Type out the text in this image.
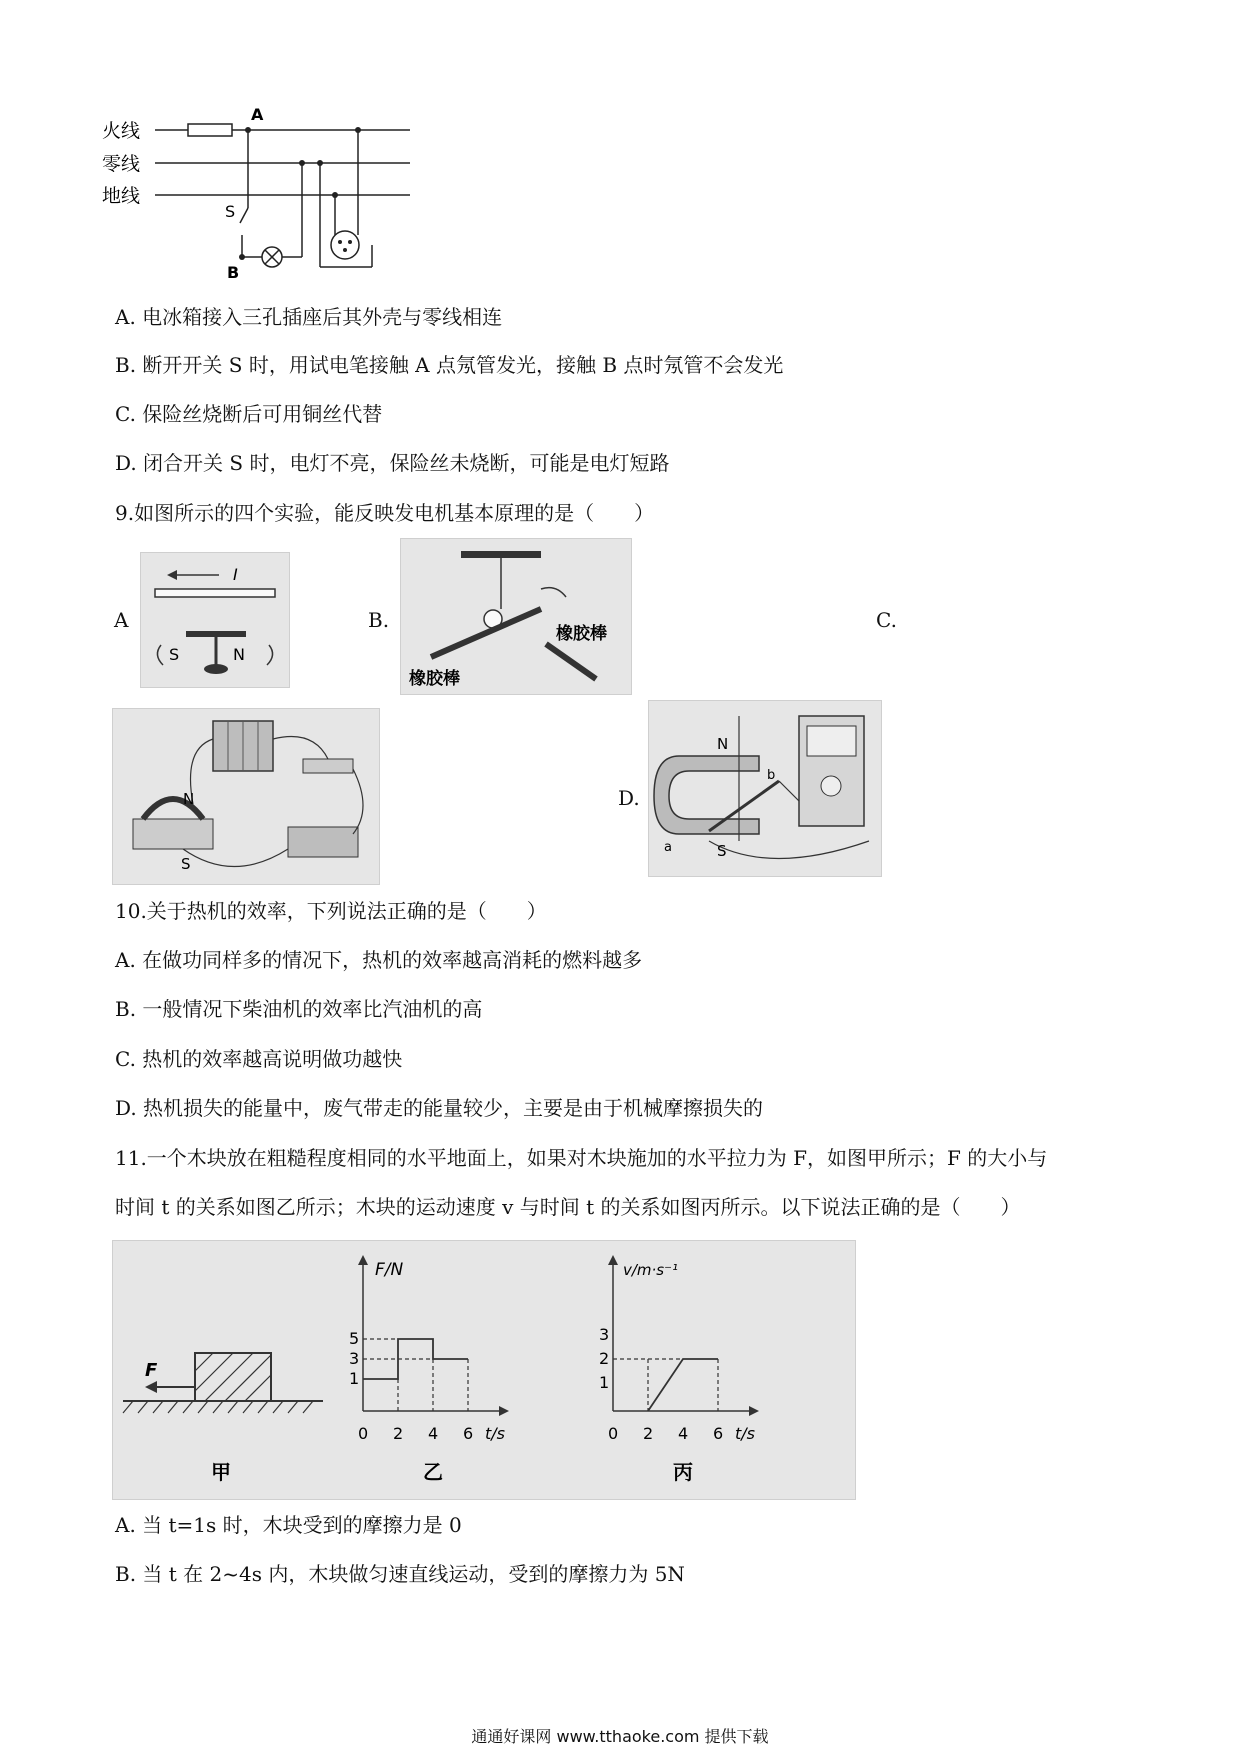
火线
零线
地线
A
S
B
A. 电冰箱接入三孔插座后其外壳与零线相连
B. 断开开关 S 时，用试电笔接触 A 点氖管发光，接触 B 点时氖管不会发光
C. 保险丝烧断后可用铜丝代替
D. 闭合开关 S 时，电灯不亮，保险丝未烧断，可能是电灯短路
9.如图所示的四个实验，能反映发电机基本原理的是（　　）
A
I
S	N
B.
橡胶棒
橡胶棒
C.
N
S
D.
N
S
a
b
10.关于热机的效率，下列说法正确的是（　　）
A. 在做功同样多的情况下，热机的效率越高消耗的燃料越多
B. 一般情况下柴油机的效率比汽油机的高
C. 热机的效率越高说明做功越快
D. 热机损失的能量中，废气带走的能量较少，主要是由于机械摩擦损失的
11.一个木块放在粗糙程度相同的水平地面上，如果对木块施加的水平拉力为 F，如图甲所示；F 的大小与
时间 t 的关系如图乙所示；木块的运动速度 v 与时间 t 的关系如图丙所示。以下说法正确的是（　　）
F
甲
F/N
t/s
1
3
5
0 2 4 6
乙
v/m·s⁻¹
t/s
1
2
3
0 2 4 6
丙
A. 当 t=1s 时，木块受到的摩擦力是 0
B. 当 t 在 2~4s 内，木块做匀速直线运动，受到的摩擦力为 5N
通通好课网 www.tthaoke.com 提供下载
